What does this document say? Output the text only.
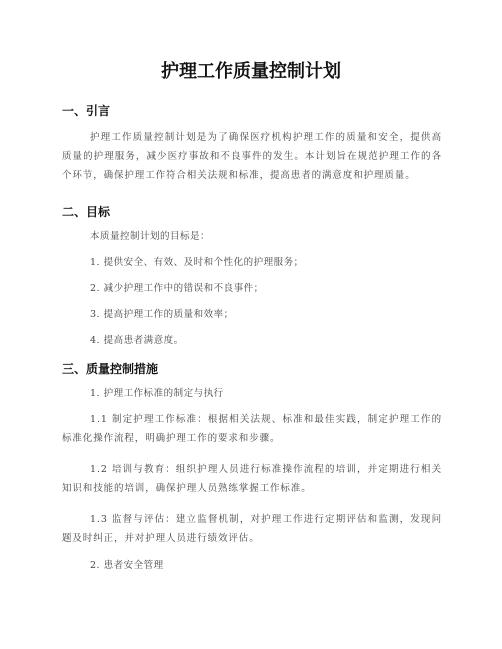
护理工作质量控制计划
一、引言

护理工作质量控制计划是为了确保医疗机构护理工作的质量和安全，提供高质量的护理服务，减少医疗事故和不良事件的发生。本计划旨在规范护理工作的各个环节，确保护理工作符合相关法规和标准，提高患者的满意度和护理质量。

二、目标
本质量控制计划的目标是：
1. 提供安全、有效、及时和个性化的护理服务；
2. 减少护理工作中的错误和不良事件；
3. 提高护理工作的质量和效率；
4. 提高患者满意度。
三、质量控制措施
1. 护理工作标准的制定与执行

1.1 制定护理工作标准：根据相关法规、标准和最佳实践，制定护理工作的标准化操作流程，明确护理工作的要求和步骤。

1.2 培训与教育：组织护理人员进行标准操作流程的培训，并定期进行相关知识和技能的培训，确保护理人员熟练掌握工作标准。

1.3 监督与评估：建立监督机制，对护理工作进行定期评估和监测，发现问题及时纠正，并对护理人员进行绩效评估。

2. 患者安全管理
